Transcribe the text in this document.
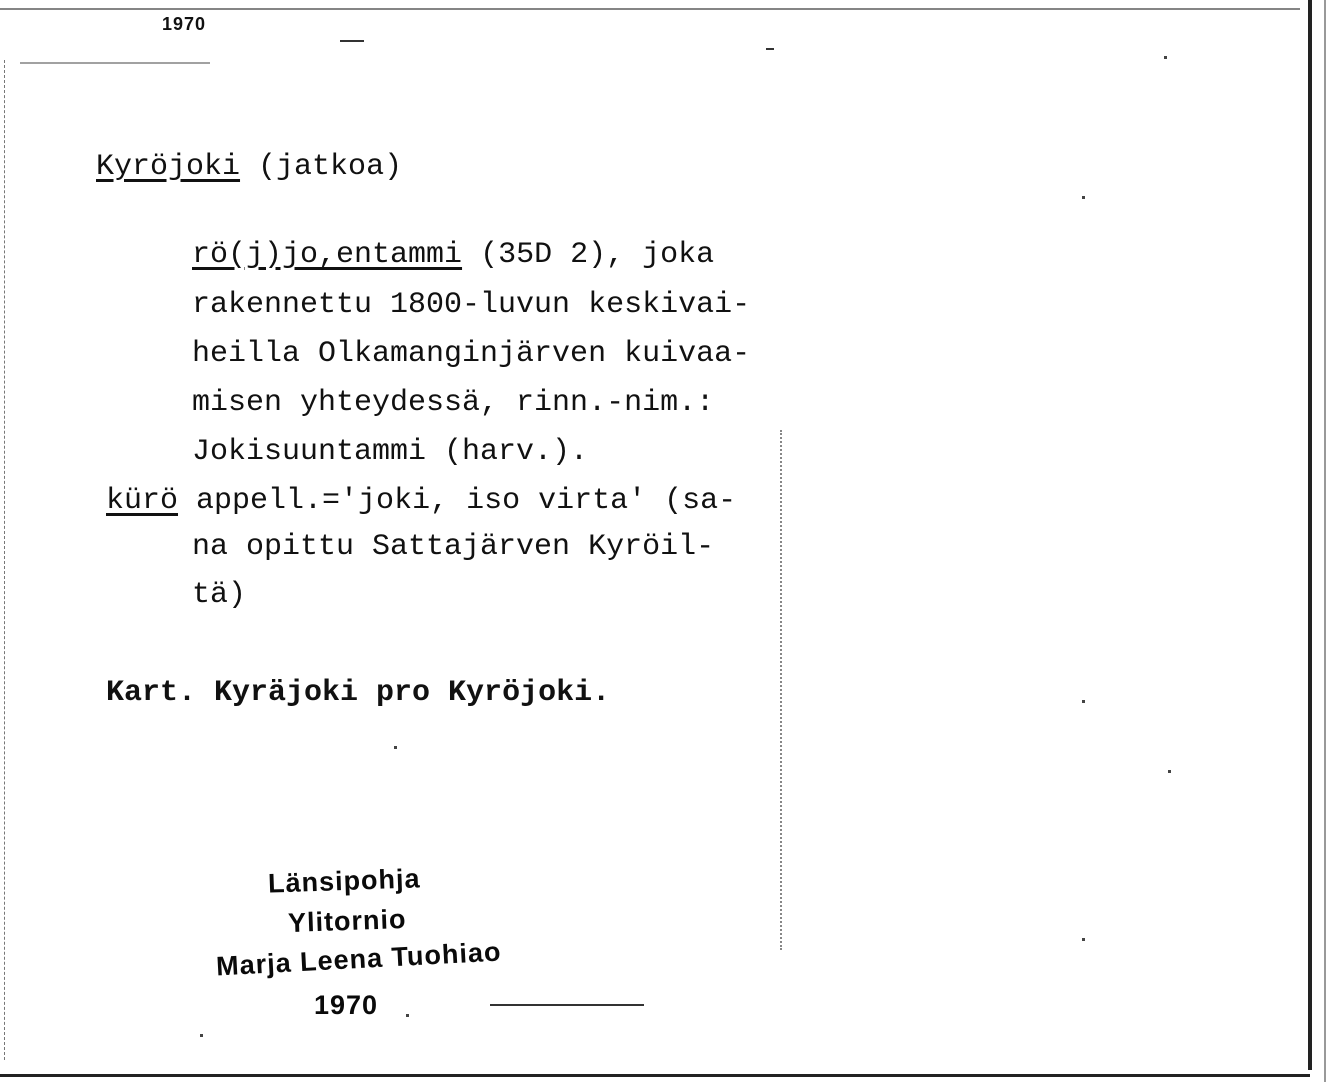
1970
Kyröjoki (jatkoa)
rö(j)jo,entammi (35D 2), joka
rakennettu 1800-luvun keskivai-
heilla Olkamanginjärven kuivaa-
misen yhteydessä, rinn.-nim.:
Jokisuuntammi (harv.).
kürö appell.='joki, iso virta' (sa-
na opittu Sattajärven Kyröil-
tä)
Kart. Kyräjoki pro Kyröjoki.
Länsipohja
Ylitornio
Marja Leena Tuohiao
1970
